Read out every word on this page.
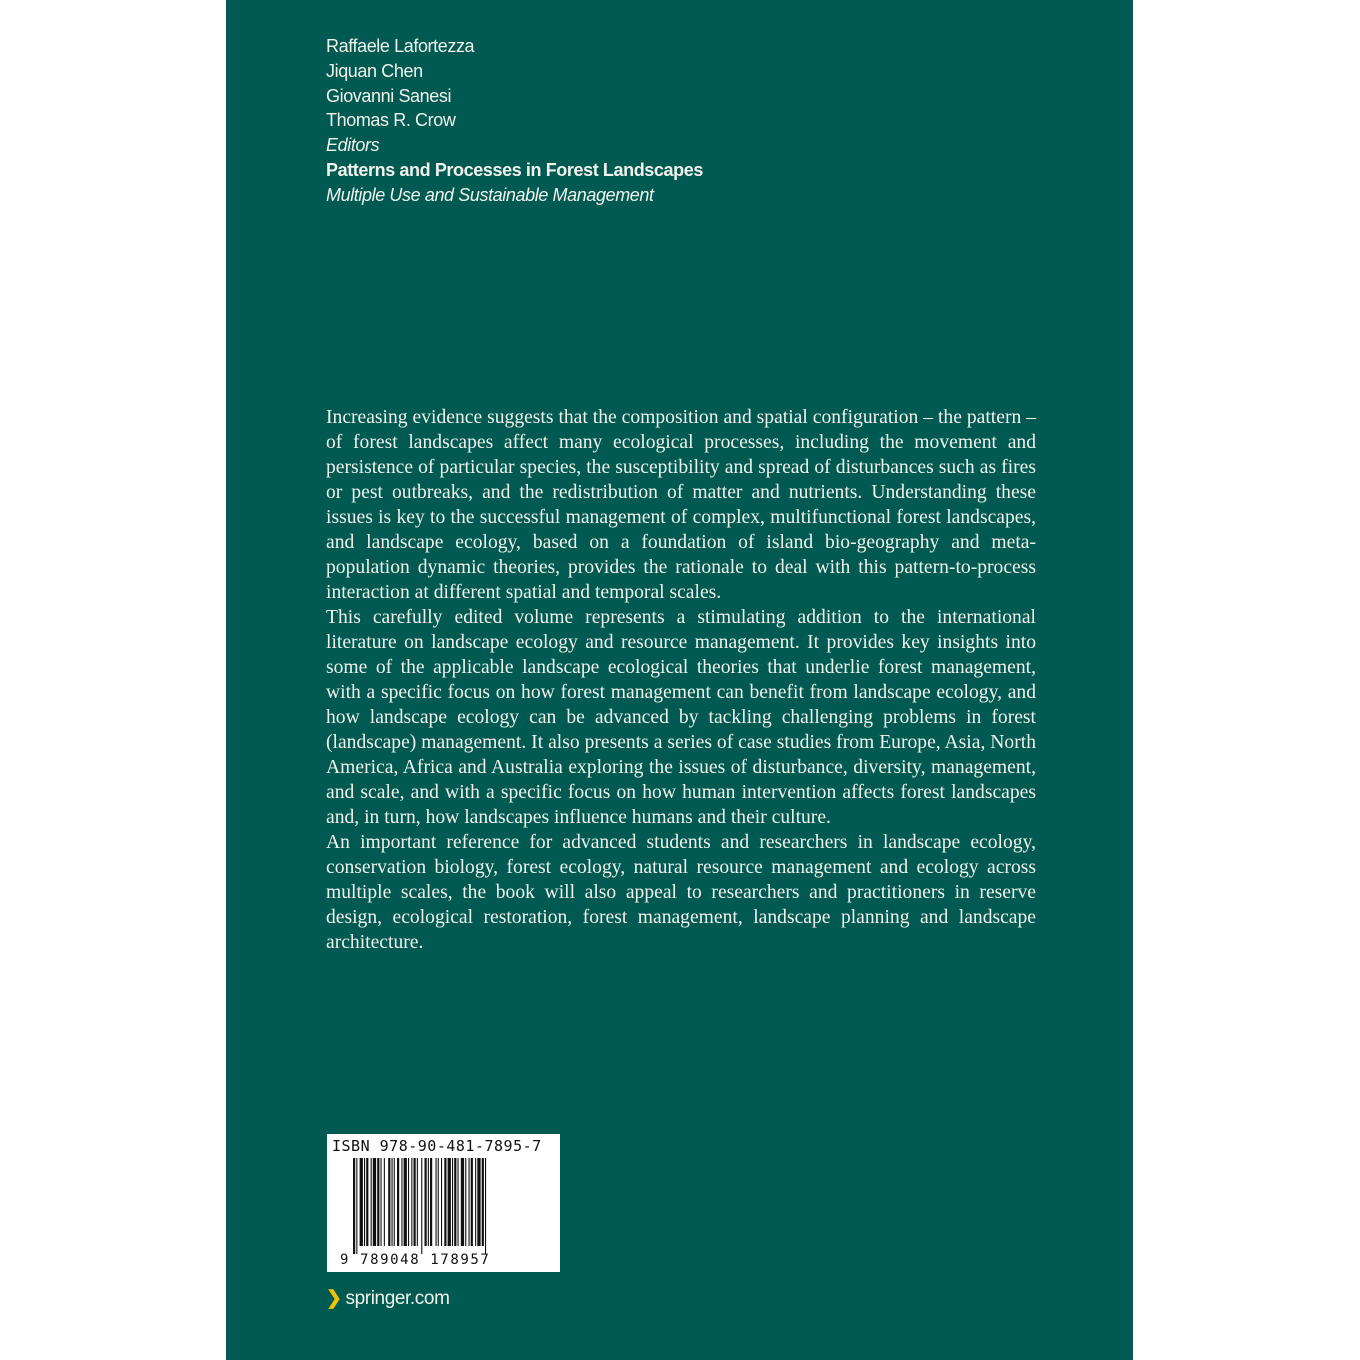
Raffaele Lafortezza
Jiquan Chen
Giovanni Sanesi
Thomas R. Crow
Editors
Patterns and Processes in Forest Landscapes
Multiple Use and Sustainable Management

Increasing evidence suggests that the composition and spatial configuration – the pattern – of forest landscapes affect many ecological processes, including the movement and persistence of particular species, the susceptibility and spread of disturbances such as fires or pest outbreaks, and the redistribution of matter and nutrients. Understanding these issues is key to the successful management of complex, multifunctional forest landscapes, and landscape ecology, based on a foundation of island bio-geography and meta-population dynamic theories, provides the rationale to deal with this pattern-to-process interaction at different spatial and temporal scales.

This carefully edited volume represents a stimulating addition to the international literature on landscape ecology and resource management. It provides key insights into some of the applicable landscape ecological theories that underlie forest management, with a specific focus on how forest management can benefit from landscape ecology, and how landscape ecology can be advanced by tackling challenging problems in forest (landscape) management. It also presents a series of case studies from Europe, Asia, North America, Africa and Australia exploring the issues of disturbance, diversity, management, and scale, and with a specific focus on how human intervention affects forest landscapes and, in turn, how landscapes influence humans and their culture.

An important reference for advanced students and researchers in landscape ecology, conservation biology, forest ecology, natural resource management and ecology across multiple scales, the book will also appeal to researchers and practitioners in reserve design, ecological restoration, forest management, landscape planning and landscape architecture.

ISBN 978-90-481-7895-7
9 789048 178957
❯ springer.com
